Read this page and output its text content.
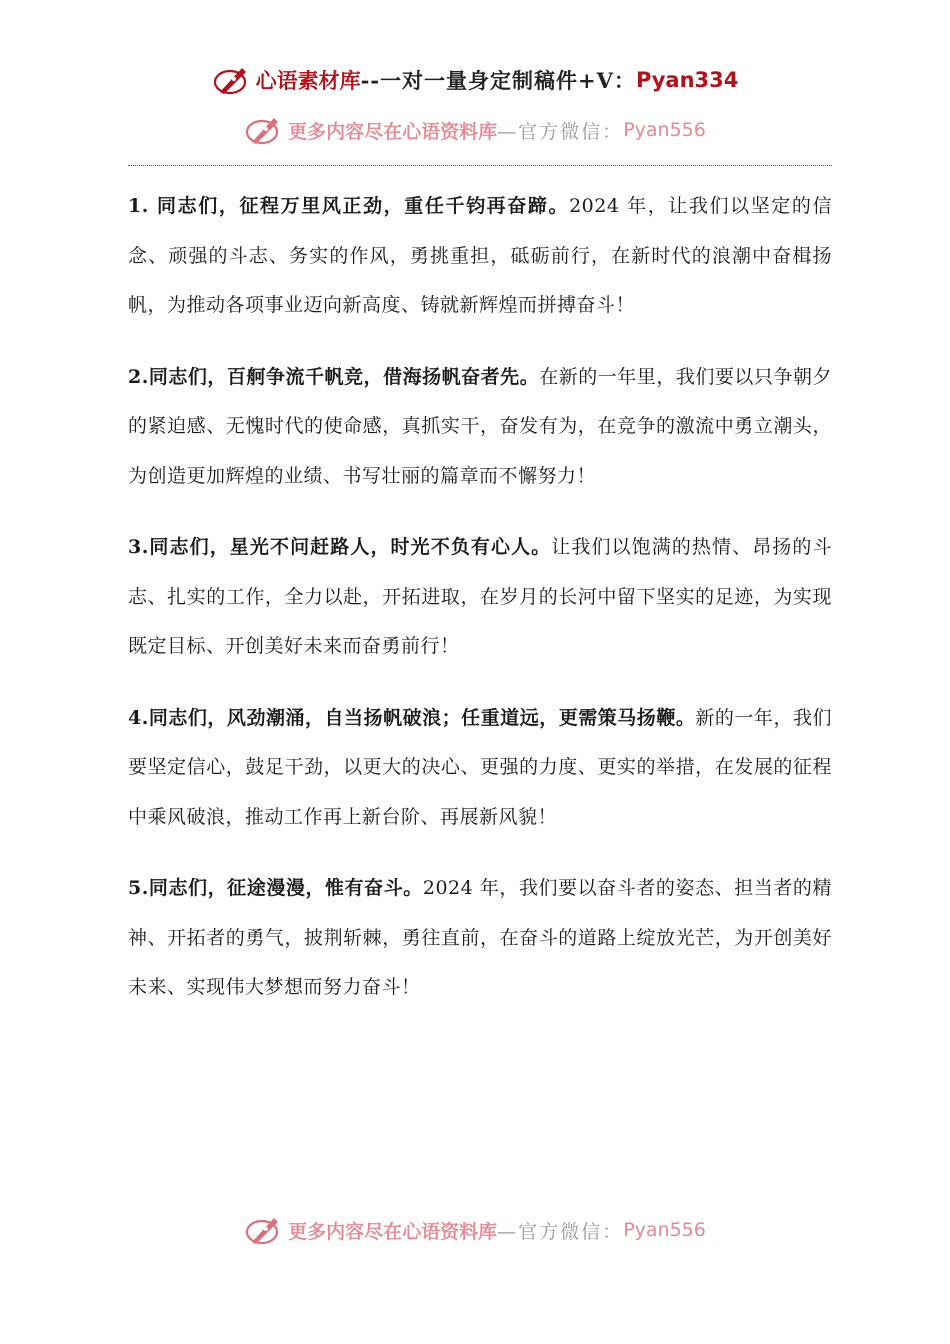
心语素材库 --一对一量身定制稿件+V： Pyan334
更多内容尽在心语资料库 —官方微信： Pyan556

1. 同志们，征程万里风正劲，重任千钧再奋蹄。2024 年，让我们以坚定的信念、顽强的斗志、务实的作风，勇挑重担，砥砺前行，在新时代的浪潮中奋楫扬帆，为推动各项事业迈向新高度、铸就新辉煌而拼搏奋斗！

2.同志们，百舸争流千帆竞，借海扬帆奋者先。在新的一年里，我们要以只争朝夕的紧迫感、无愧时代的使命感，真抓实干，奋发有为，在竞争的激流中勇立潮头，为创造更加辉煌的业绩、书写壮丽的篇章而不懈努力！

3.同志们，星光不问赶路人，时光不负有心人。让我们以饱满的热情、昂扬的斗志、扎实的工作，全力以赴，开拓进取，在岁月的长河中留下坚实的足迹，为实现既定目标、开创美好未来而奋勇前行！

4.同志们，风劲潮涌，自当扬帆破浪；任重道远，更需策马扬鞭。新的一年，我们要坚定信心，鼓足干劲，以更大的决心、更强的力度、更实的举措，在发展的征程中乘风破浪，推动工作再上新台阶、再展新风貌！

5.同志们，征途漫漫，惟有奋斗。2024 年，我们要以奋斗者的姿态、担当者的精神、开拓者的勇气，披荆斩棘，勇往直前，在奋斗的道路上绽放光芒，为开创美好未来、实现伟大梦想而努力奋斗！

更多内容尽在心语资料库 —官方微信： Pyan556
